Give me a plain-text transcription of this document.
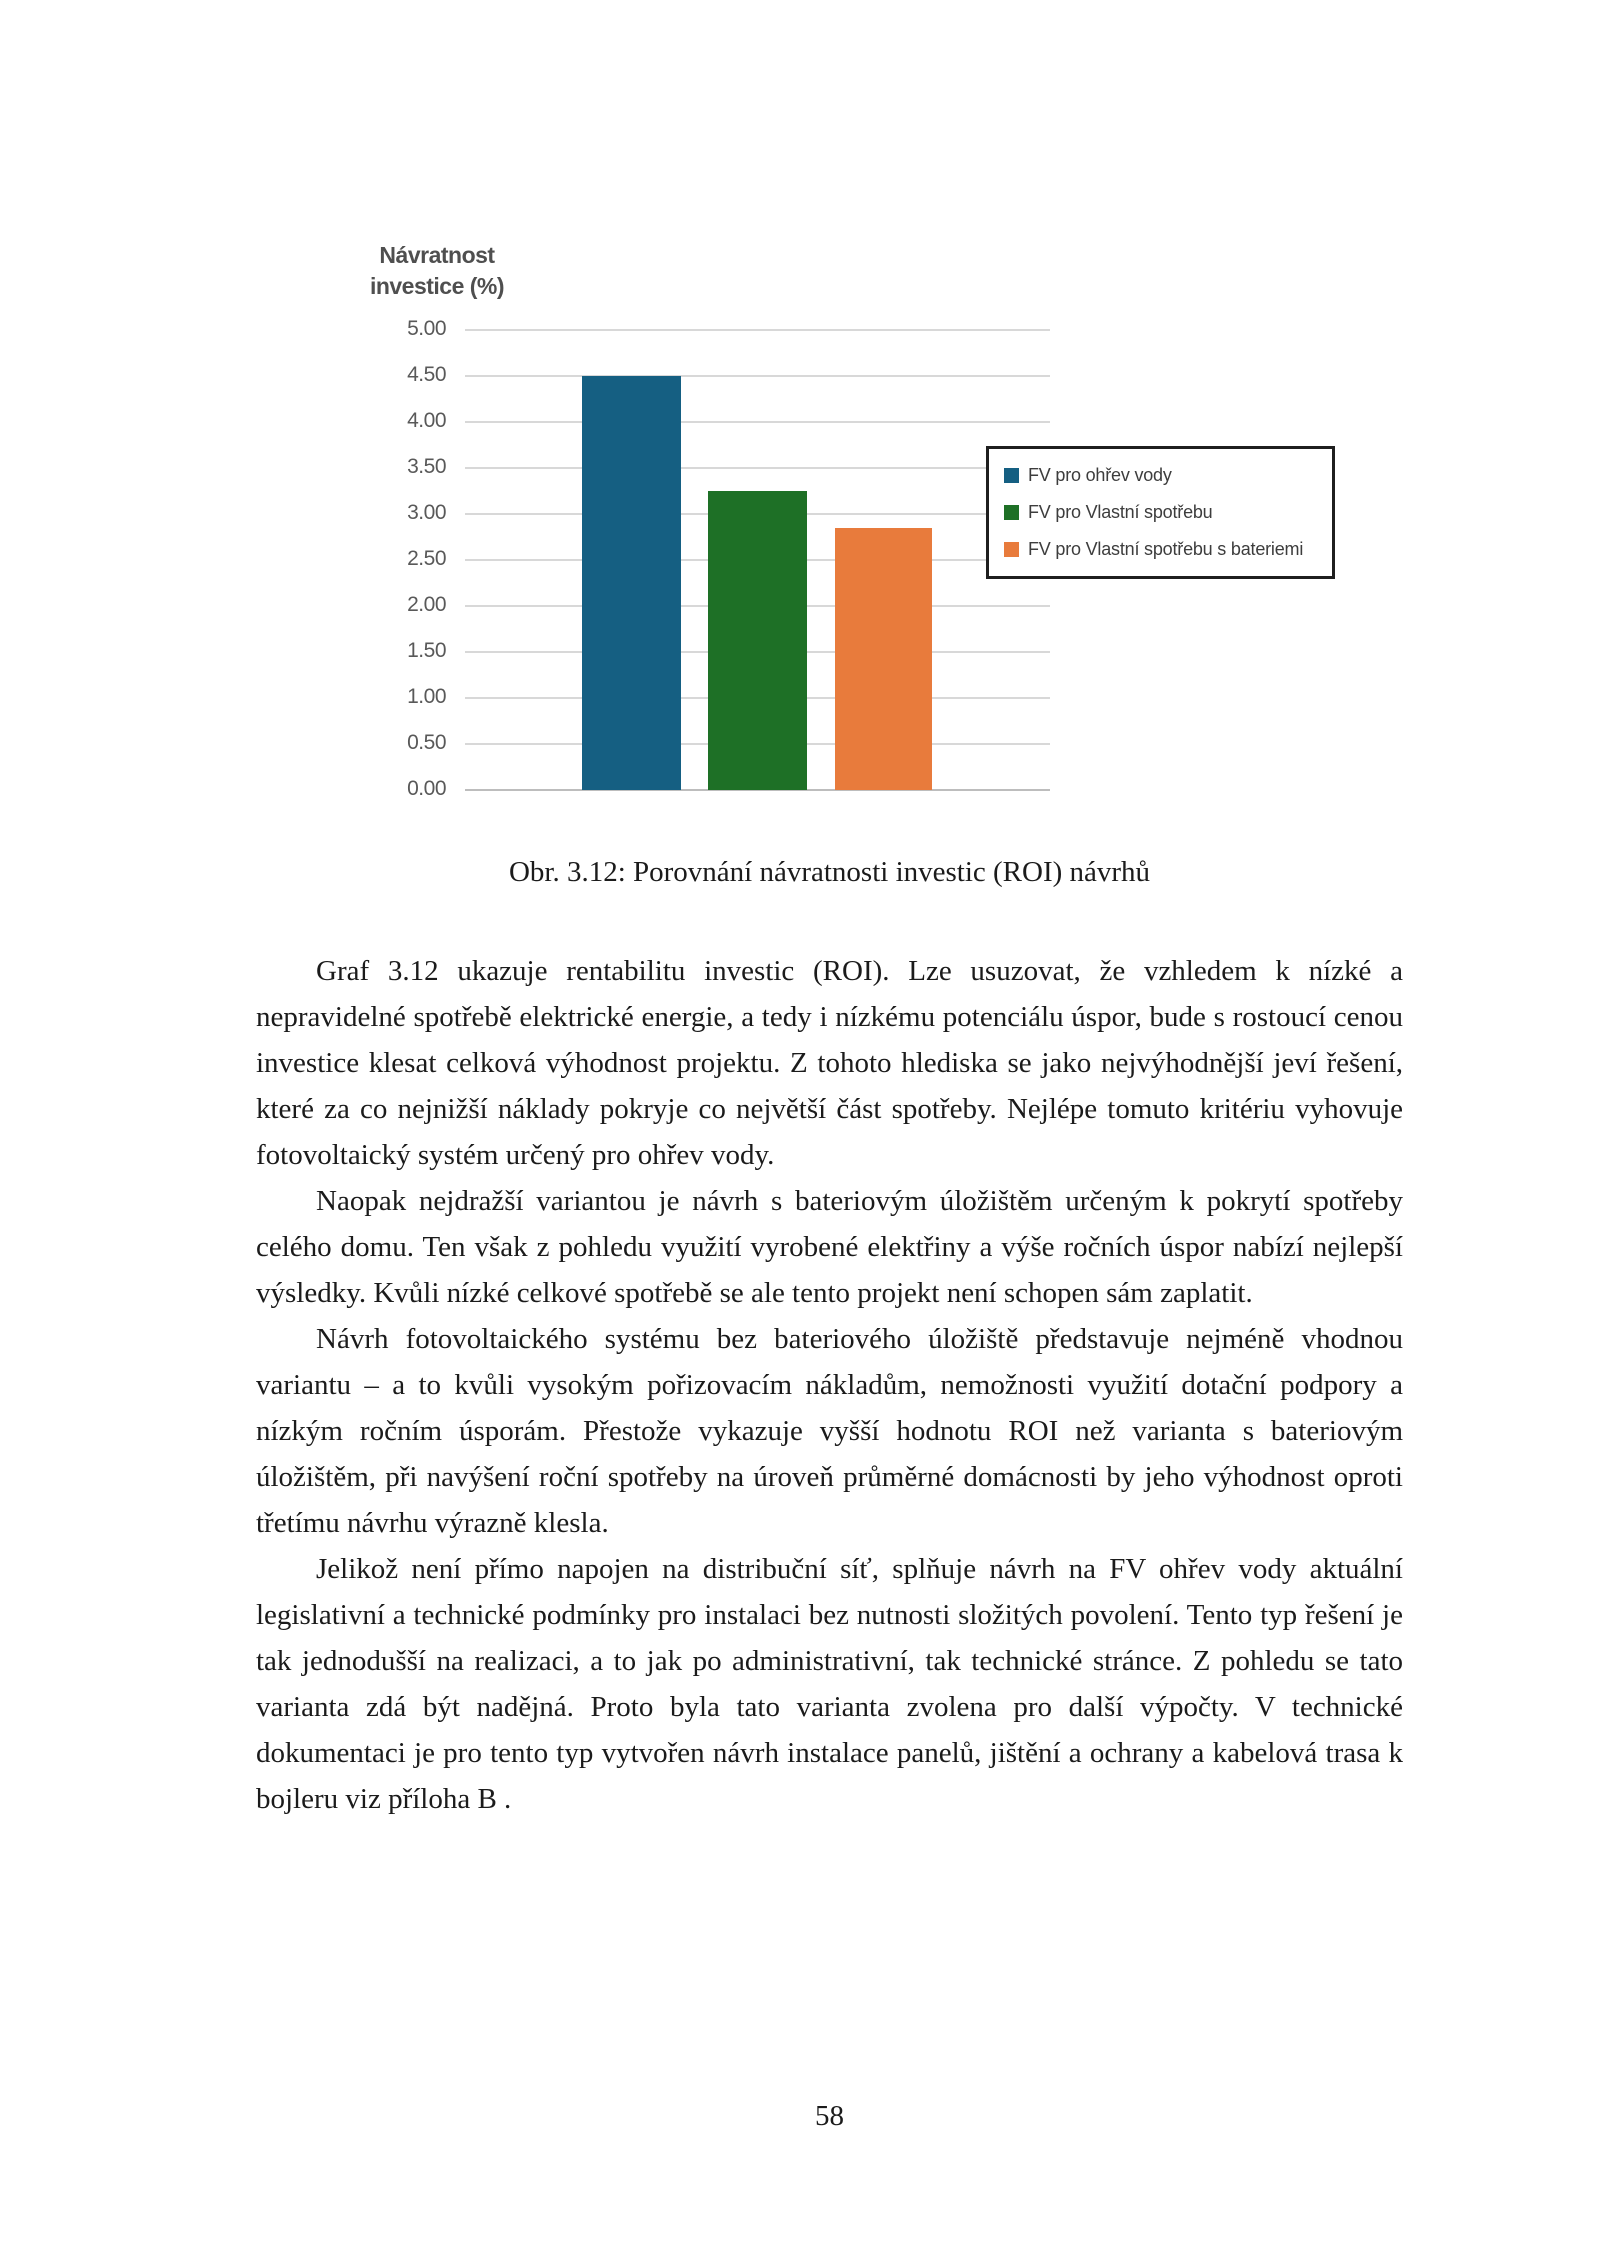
Návratnost investice (%)
FV pro ohřev vody
FV pro Vlastní spotřebu
FV pro Vlastní spotřebu s bateriemi
5.00
4.50
4.00
3.50
3.00
2.50
2.00
1.50
1.00
0.50
0.00
Obr. 3.12: Porovnání návratnosti investic (ROI) návrhů

Graf 3.12 ukazuje rentabilitu investic (ROI). Lze usuzovat, že vzhledem k nízké a nepravidelné spotřebě elektrické energie, a tedy i nízkému potenciálu úspor, bude s rostoucí cenou investice klesat celková výhodnost projektu. Z tohoto hlediska se jako nejvýhodnější jeví řešení, které za co nejnižší náklady pokryje co největší část spotřeby. Nejlépe tomuto kritériu vyhovuje fotovoltaický systém určený pro ohřev vody.

Naopak nejdražší variantou je návrh s bateriovým úložištěm určeným k pokrytí spotřeby celého domu. Ten však z pohledu využití vyrobené elektřiny a výše ročních úspor nabízí nejlepší výsledky. Kvůli nízké celkové spotřebě se ale tento projekt není schopen sám zaplatit.

Návrh fotovoltaického systému bez bateriového úložiště představuje nejméně vhodnou variantu – a to kvůli vysokým pořizovacím nákladům, nemožnosti využití dotační podpory a nízkým ročním úsporám. Přestože vykazuje vyšší hodnotu ROI než varianta s bateriovým úložištěm, při navýšení roční spotřeby na úroveň průměrné domácnosti by jeho výhodnost oproti třetímu návrhu výrazně klesla.

Jelikož není přímo napojen na distribuční síť, splňuje návrh na FV ohřev vody aktuální legislativní a technické podmínky pro instalaci bez nutnosti složitých povolení. Tento typ řešení je tak jednodušší na realizaci, a to jak po administrativní, tak technické stránce. Z pohledu se tato varianta zdá být nadějná. Proto byla tato varianta zvolena pro další výpočty. V technické dokumentaci je pro tento typ vytvořen návrh instalace panelů, jištění a ochrany a kabelová trasa k bojleru viz příloha B .

58
